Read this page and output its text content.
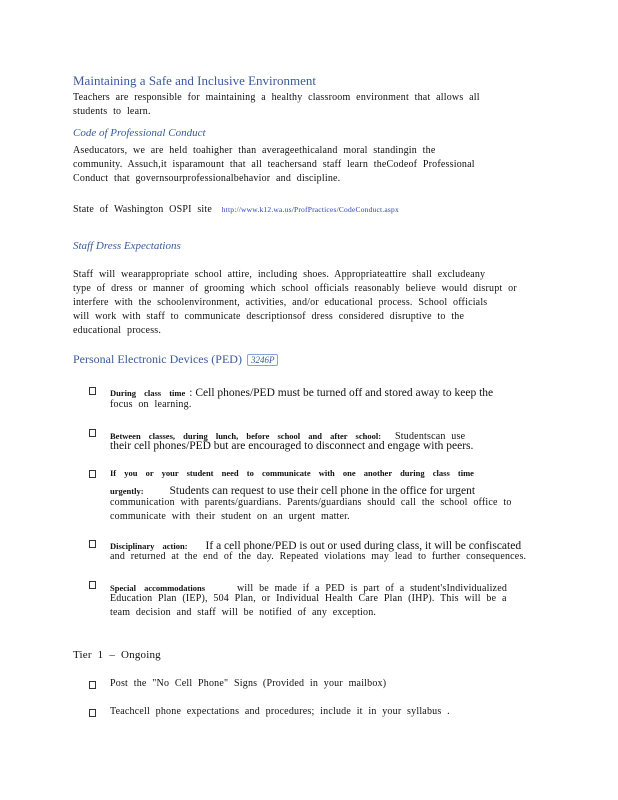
Maintaining a Safe and Inclusive Environment
Teachers are responsible for maintaining a healthy classroom environment that allows all
students to learn.
Code of Professional Conduct
Aseducators, we are held toahigher than averageethicaland moral standingin the
community. Assuch,it isparamount that all teachersand staff learn theCodeof Professional
Conduct that governsourprofessionalbehavior and discipline.
State of Washington OSPI site http://www.k12.wa.us/ProfPractices/CodeConduct.aspx
Staff Dress Expectations
Staff will wearappropriate school attire, including shoes. Appropriateattire shall excludeany
type of dress or manner of grooming which school officials reasonably believe would disrupt or
interfere with the schoolenvironment, activities, and/or educational process. School officials
will work with staff to communicate descriptionsof dress considered disruptive to the
educational process.
Personal Electronic Devices (PED) 3246P
During class time : Cell phones/PED must be turned off and stored away to keep the
focus on learning.
Between classes, during lunch, before school and after school: Studentscan use
their cell phones/PED but are encouraged to disconnect and engage with peers.
If you or your student need to communicate with one another during class time
urgently: Students can request to use their cell phone in the office for urgent
communication with parents/guardians. Parents/guardians should call the school office to
communicate with their student on an urgent matter.
Disciplinary action: If a cell phone/PED is out or used during class, it will be confiscated
and returned at the end of the day. Repeated violations may lead to further consequences.
Special accommodations	will be made if a PED is part of a student'sIndividualized
Education Plan (IEP), 504 Plan, or Individual Health Care Plan (IHP). This will be a
team decision and staff will be notified of any exception.
Tier 1 – Ongoing
Post the "No Cell Phone" Signs (Provided in your mailbox)
Teachcell phone expectations and procedures; include it in your syllabus .
